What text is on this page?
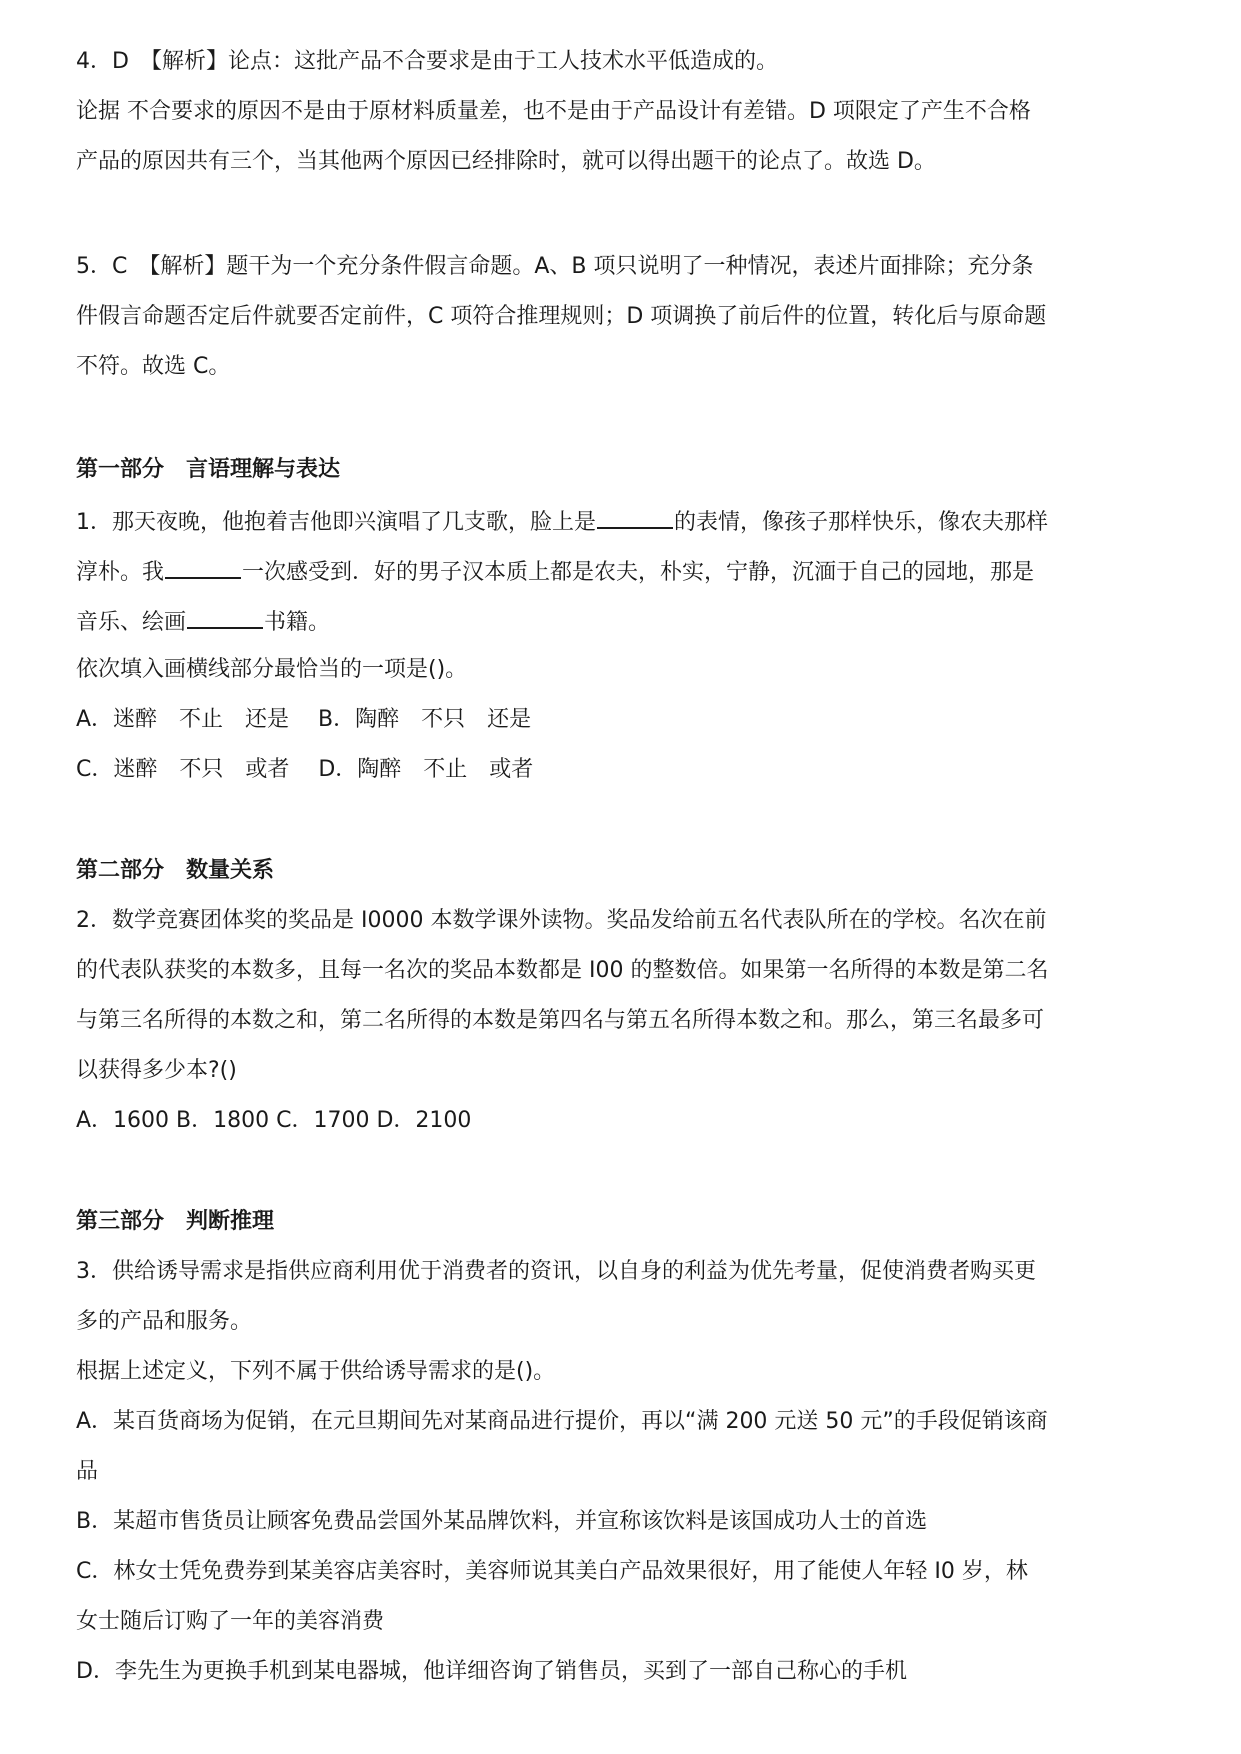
4．D　【解析】论点：这批产品不合要求是由于工人技术水平低造成的。
论据 不合要求的原因不是由于原材料质量差，也不是由于产品设计有差错。D 项限定了产生不合格
产品的原因共有三个，当其他两个原因已经排除时，就可以得出题干的论点了。故选 D。
5．C　【解析】题干为一个充分条件假言命题。A、B 项只说明了一种情况，表述片面排除；充分条
件假言命题否定后件就要否定前件，C 项符合推理规则；D 项调换了前后件的位置，转化后与原命题
不符。故选 C。
第一部分　言语理解与表达
1．那天夜晚，他抱着吉他即兴演唱了几支歌，脸上是	的表情，像孩子那样快乐，像农夫那样
淳朴。我	一次感受到．好的男子汉本质上都是农夫，朴实，宁静，沉湎于自己的园地，那是
音乐、绘画	书籍。
依次填入画横线部分最恰当的一项是()。
A．迷醉　不止　还是　 B．陶醉　不只　还是
C．迷醉　不只　或者　 D．陶醉　不止　或者
第二部分　数量关系
2．数学竞赛团体奖的奖品是 I0000 本数学课外读物。奖品发给前五名代表队所在的学校。名次在前
的代表队获奖的本数多，且每一名次的奖品本数都是 I00 的整数倍。如果第一名所得的本数是第二名
与第三名所得的本数之和，第二名所得的本数是第四名与第五名所得本数之和。那么，第三名最多可
以获得多少本?()
A．1600 B．1800 C．1700 D．2100
第三部分　判断推理
3．供给诱导需求是指供应商利用优于消费者的资讯，以自身的利益为优先考量，促使消费者购买更
多的产品和服务。
根据上述定义，下列不属于供给诱导需求的是()。
A．某百货商场为促销，在元旦期间先对某商品进行提价，再以“满 200 元送 50 元”的手段促销该商
品
B．某超市售货员让顾客免费品尝国外某品牌饮料，并宣称该饮料是该国成功人士的首选
C．林女士凭免费券到某美容店美容时，美容师说其美白产品效果很好，用了能使人年轻 I0 岁，林
女士随后订购了一年的美容消费
D．李先生为更换手机到某电器城，他详细咨询了销售员，买到了一部自己称心的手机
